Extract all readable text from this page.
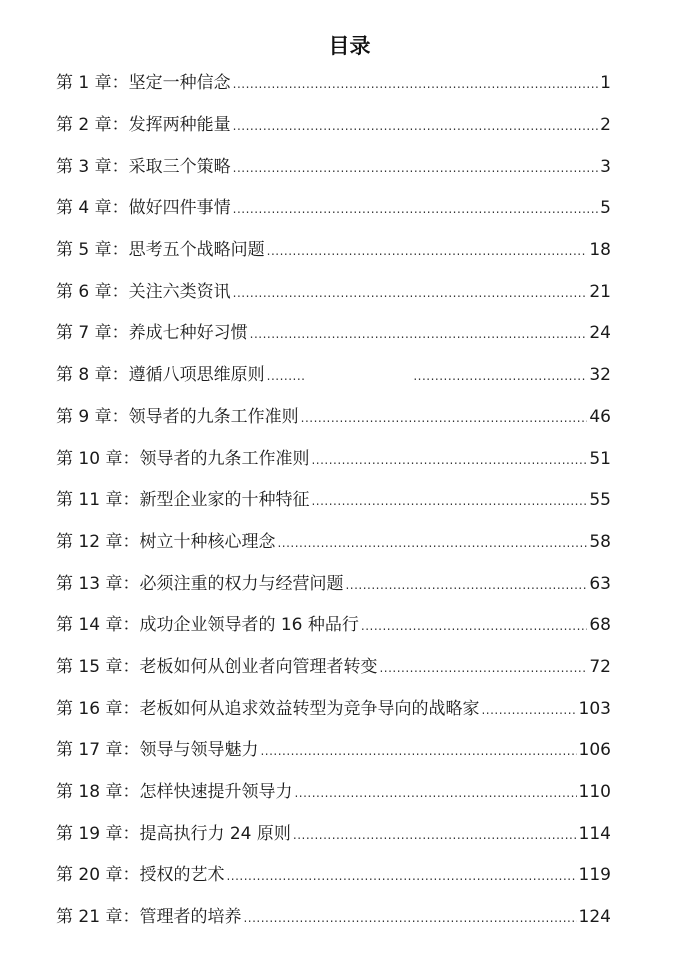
目录
第 1 章：坚定一种信念 .....	1
第 2 章：发挥两种能量 .....	2
第 3 章：采取三个策略 .....	3
第 4 章：做好四件事情 .....	5
第 5 章：思考五个战略问题 .....	18
第 6 章：关注六类资讯 .....	21
第 7 章：养成七种好习惯 .....	24
第 8 章：遵循八项思维原则 .....	32
第 9 章：领导者的九条工作准则 .....	46
第 10 章：领导者的九条工作准则 .....	51
第 11 章：新型企业家的十种特征 .....	55
第 12 章：树立十种核心理念 .....	58
第 13 章：必须注重的权力与经营问题 .....	63
第 14 章：成功企业领导者的 16 种品行 .....	68
第 15 章：老板如何从创业者向管理者转变 .....	72
第 16 章：老板如何从追求效益转型为竞争导向的战略家 .....	103
第 17 章：领导与领导魅力 .....	106
第 18 章：怎样快速提升领导力 .....	110
第 19 章：提高执行力 24 原则 .....	114
第 20 章：授权的艺术 .....	119
第 21 章：管理者的培养 .....	124
